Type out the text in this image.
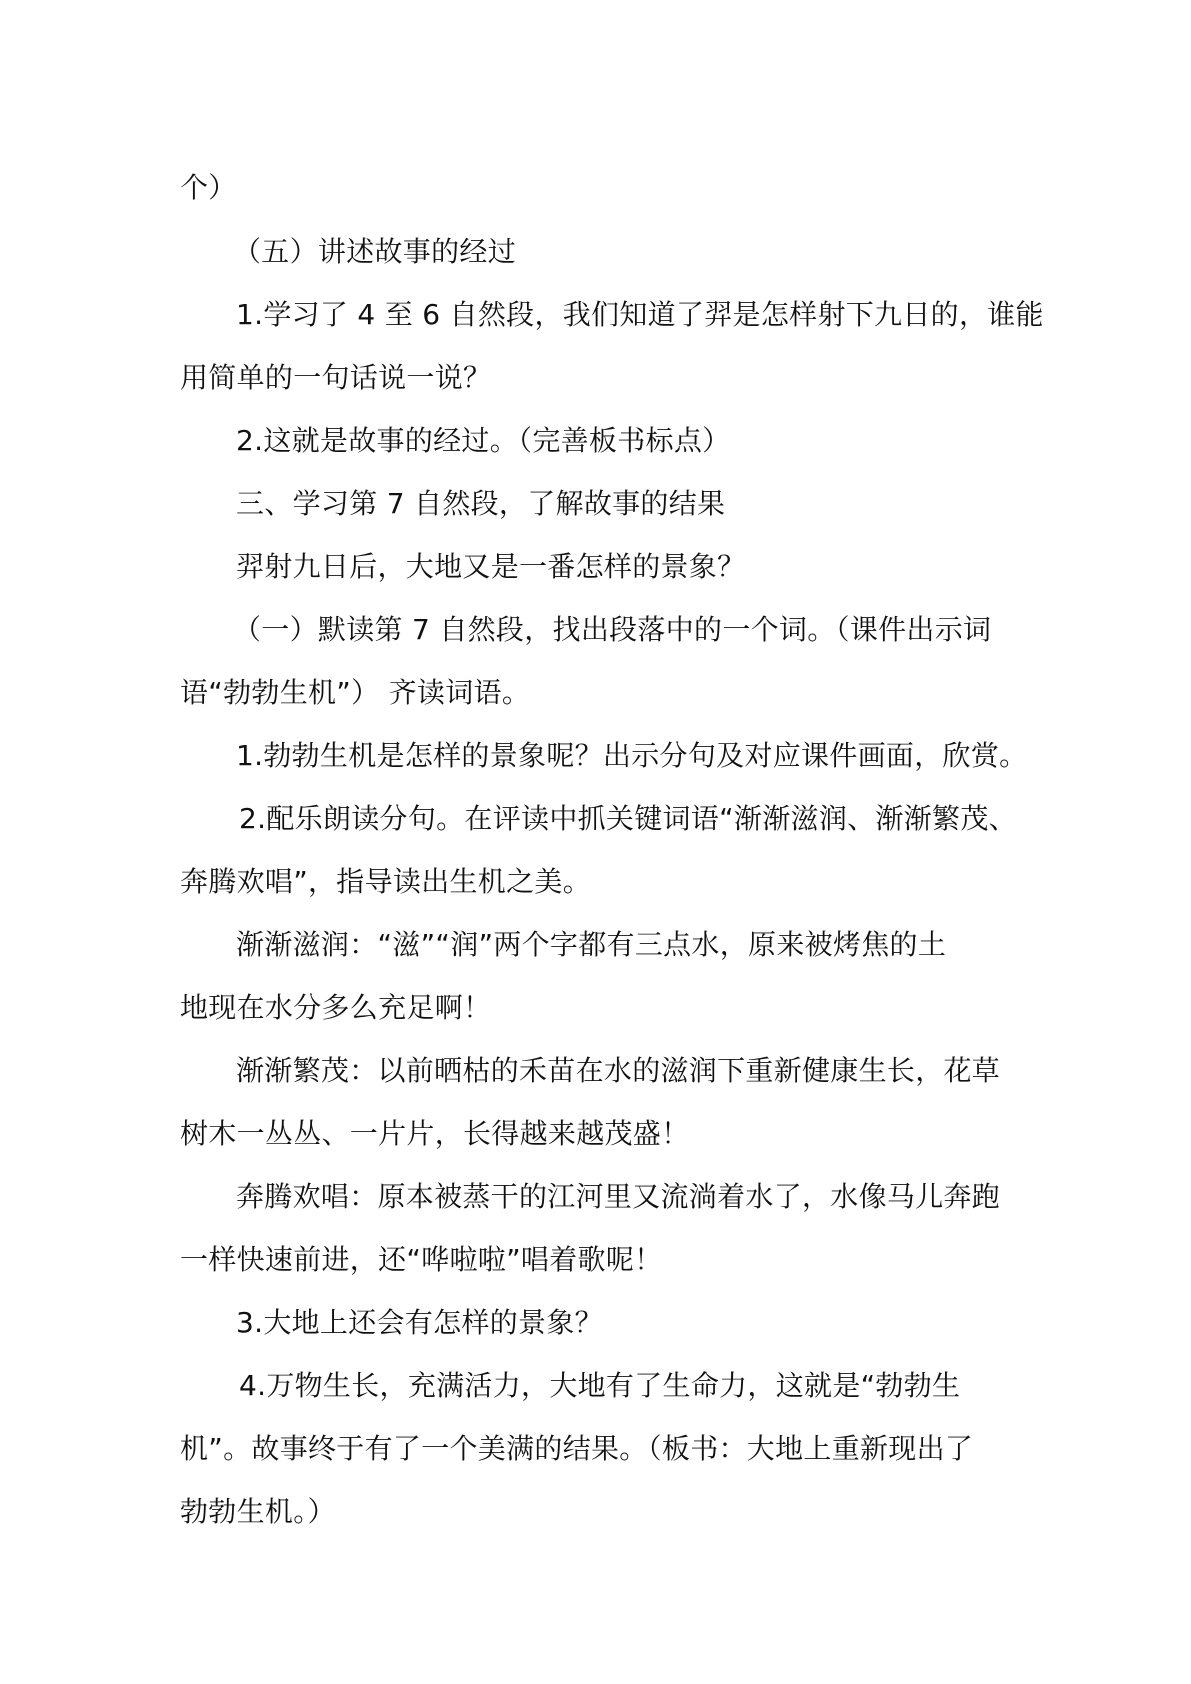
个）
（五）讲述故事的经过
1.学习了 4 至 6 自然段，我们知道了羿是怎样射下九日的，谁能
用简单的一句话说一说？
2.这就是故事的经过。（完善板书标点）
三、学习第 7 自然段，了解故事的结果
羿射九日后，大地又是一番怎样的景象？
（一）默读第 7 自然段，找出段落中的一个词。（课件出示词
语“勃勃生机”） 齐读词语。
1.勃勃生机是怎样的景象呢？出示分句及对应课件画面，欣赏。
2.配乐朗读分句。在评读中抓关键词语“渐渐滋润、渐渐繁茂、
奔腾欢唱”，指导读出生机之美。
渐渐滋润：“滋”“润”两个字都有三点水，原来被烤焦的土
地现在水分多么充足啊！
渐渐繁茂：以前晒枯的禾苗在水的滋润下重新健康生长，花草
树木一丛丛、一片片，长得越来越茂盛！
奔腾欢唱：原本被蒸干的江河里又流淌着水了，水像马儿奔跑
一样快速前进，还“哗啦啦”唱着歌呢！
3.大地上还会有怎样的景象？
4.万物生长，充满活力，大地有了生命力，这就是“勃勃生
机”。故事终于有了一个美满的结果。（板书：大地上重新现出了
勃勃生机。）
